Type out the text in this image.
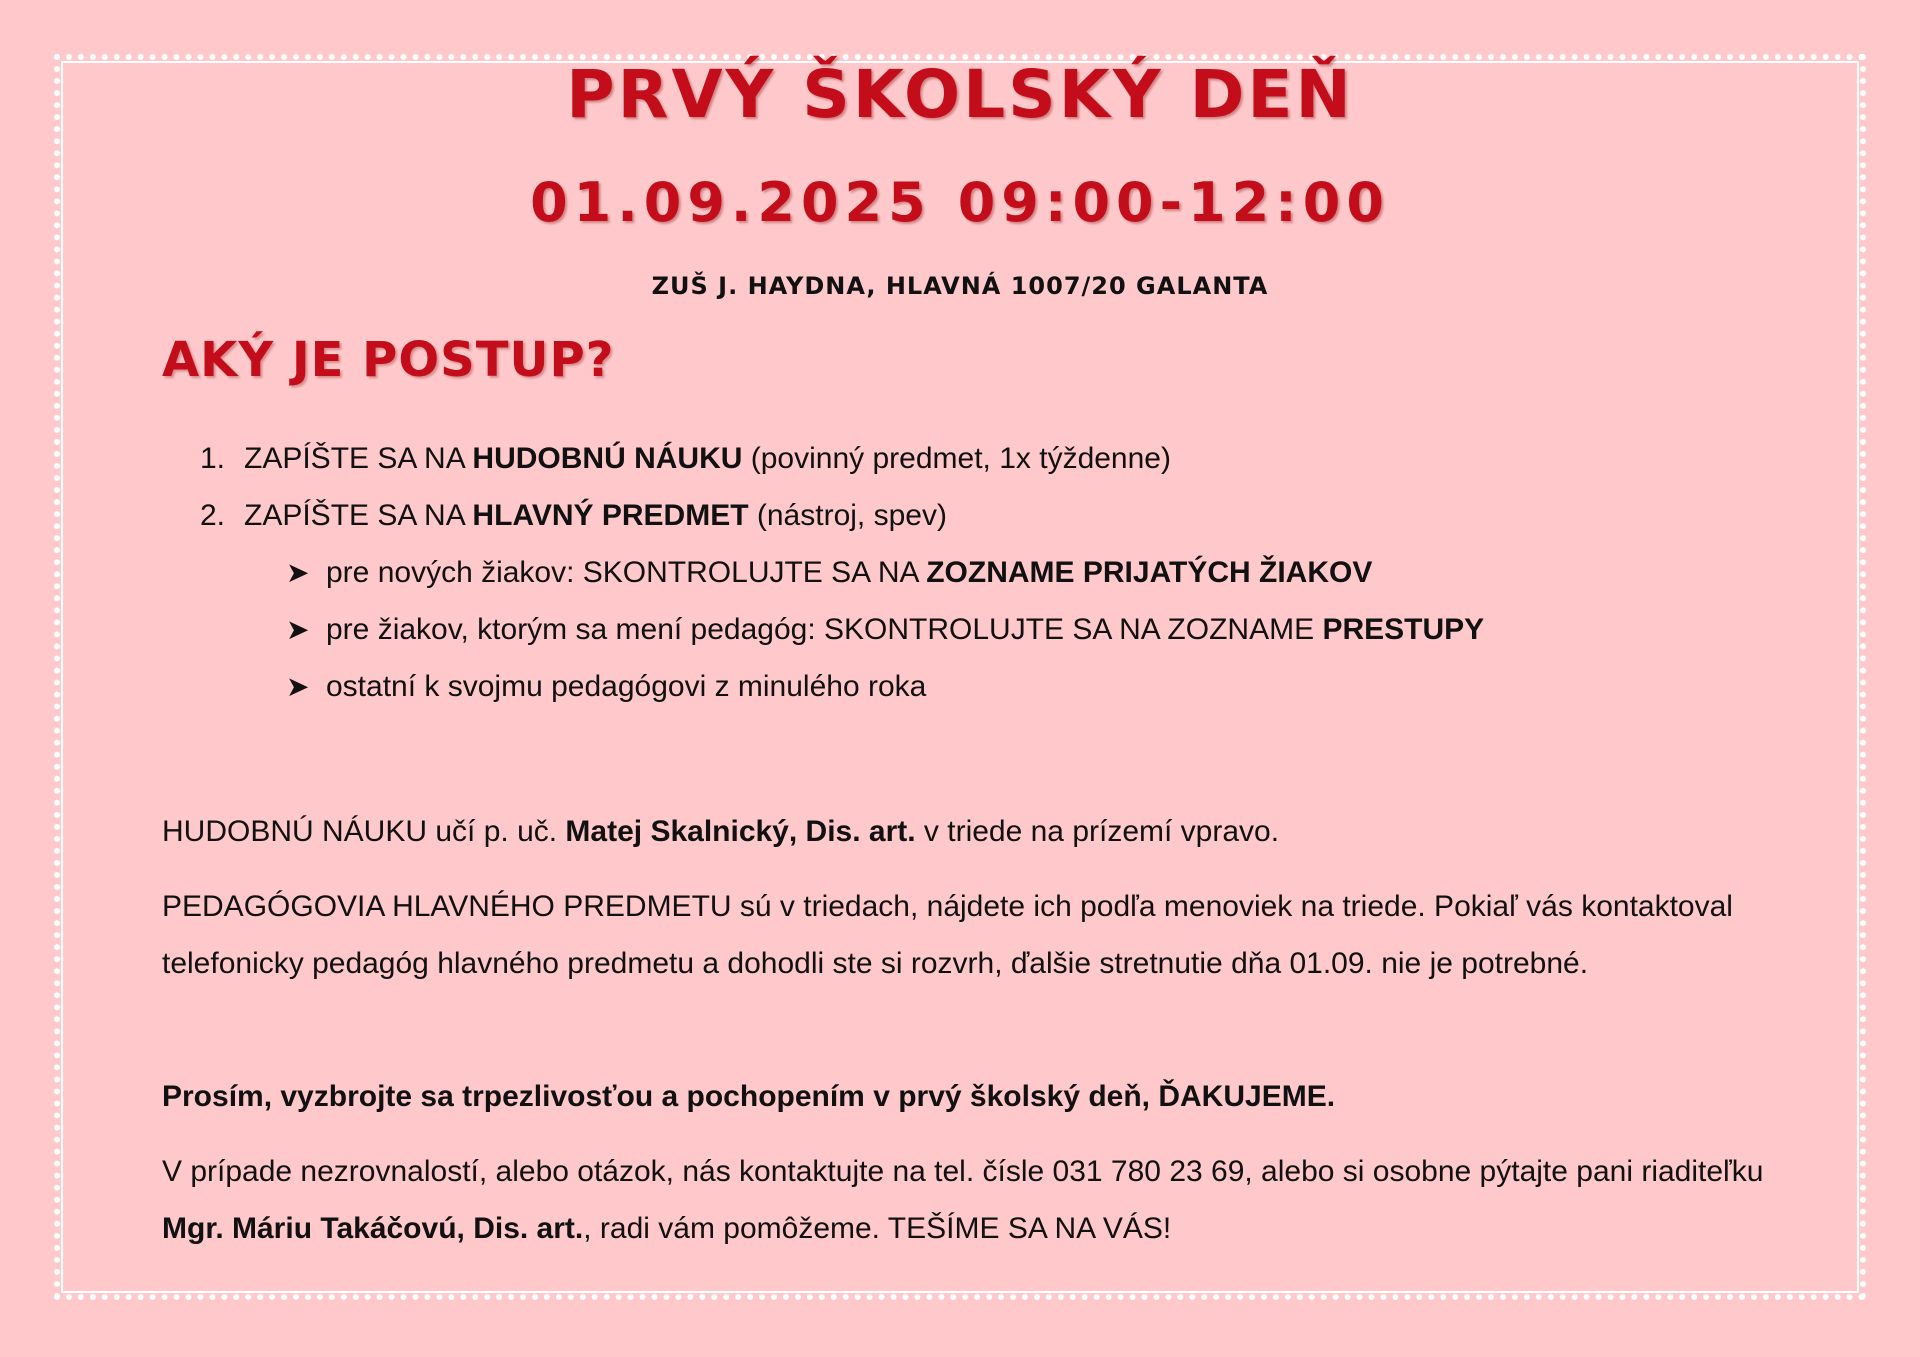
PRVÝ ŠKOLSKÝ DEŇ
01.09.2025 09:00-12:00
ZUŠ J. HAYDNA, HLAVNÁ 1007/20 GALANTA
AKÝ JE POSTUP?
1. ZAPÍŠTE SA NA HUDOBNÚ NÁUKU (povinný predmet, 1x týždenne)
2. ZAPÍŠTE SA NA HLAVNÝ PREDMET (nástroj, spev)
➤ pre nových žiakov: SKONTROLUJTE SA NA ZOZNAME PRIJATÝCH ŽIAKOV
➤ pre žiakov, ktorým sa mení pedagóg: SKONTROLUJTE SA NA ZOZNAME PRESTUPY
➤ ostatní k svojmu pedagógovi z minulého roka

HUDOBNÚ NÁUKU učí p. uč. Matej Skalnický, Dis. art. v triede na prízemí vpravo.

PEDAGÓGOVIA HLAVNÉHO PREDMETU sú v triedach, nájdete ich podľa menoviek na triede. Pokiaľ vás kontaktoval telefonicky pedagóg hlavného predmetu a dohodli ste si rozvrh, ďalšie stretnutie dňa 01.09. nie je potrebné.

Prosím, vyzbrojte sa trpezlivosťou a pochopením v prvý školský deň, ĎAKUJEME.

V prípade nezrovnalostí, alebo otázok, nás kontaktujte na tel. čísle 031 780 23 69, alebo si osobne pýtajte pani riaditeľku Mgr. Máriu Takáčovú, Dis. art., radi vám pomôžeme. TEŠÍME SA NA VÁS!
